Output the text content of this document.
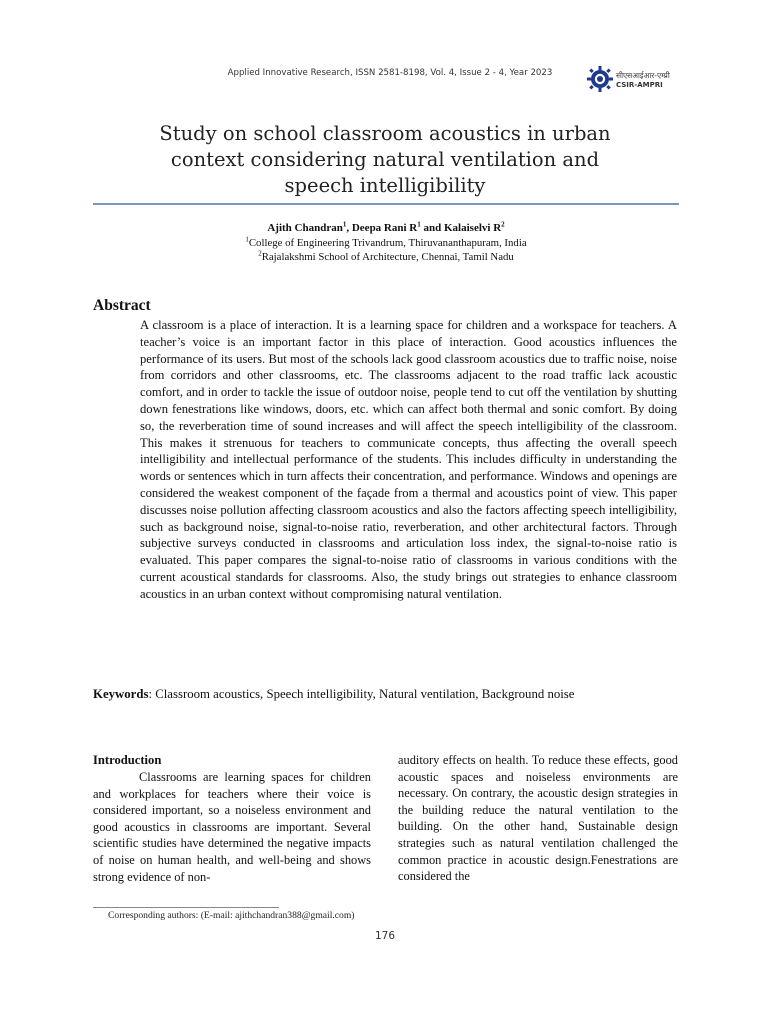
Applied Innovative Research, ISSN 2581-8198, Vol. 4, Issue 2 - 4, Year 2023	सीएसआईआर-एम्प्री
CSIR-AMPRI
Study on school classroom acoustics in urban context considering natural ventilation and speech intelligibility
Ajith Chandran$^1$, Deepa Rani $R^1$ and Kalaiselvi $R^2$
$^1$College of Engineering Trivandrum, Thiruvananthapuram, India
$^2$Rajalakshmi School of Architecture, Chennai, Tamil Nadu
Abstract

A classroom is a place of interaction. It is a learning space for children and a workspace for teachers. A teacher’s voice is an important factor in this place of interaction. Good acoustics influences the performance of its users. But most of the schools lack good classroom acoustics due to traffic noise, noise from corridors and other classrooms, etc. The classrooms adjacent to the road traffic lack acoustic comfort, and in order to tackle the issue of outdoor noise, people tend to cut off the ventilation by shutting down fenestrations like windows, doors, etc. which can affect both thermal and sonic comfort. By doing so, the reverberation time of sound increases and will affect the speech intelligibility of the classroom. This makes it strenuous for teachers to communicate concepts, thus affecting the overall speech intelligibility and intellectual performance of the students. This includes difficulty in understanding the words or sentences which in turn affects their concentration, and performance. Windows and openings are considered the weakest component of the façade from a thermal and acoustics point of view. This paper discusses noise pollution affecting classroom acoustics and also the factors affecting speech intelligibility, such as background noise, signal-to-noise ratio, reverberation, and other architectural factors. Through subjective surveys conducted in classrooms and articulation loss index, the signal-to-noise ratio is evaluated. This paper compares the signal-to-noise ratio of classrooms in various conditions with the current acoustical standards for classrooms. Also, the study brings out strategies to enhance classroom acoustics in an urban context without compromising natural ventilation.

Keywords: Classroom acoustics, Speech intelligibility, Natural ventilation, Background noise
Introduction

Classrooms are learning spaces for children and workplaces for teachers where their voice is considered important, so a noiseless environment and good acoustics in classrooms are important. Several scientific studies have determined the negative impacts of noise on human health, and well-being and shows strong evidence of non-

auditory effects on health. To reduce these effects, good acoustic spaces and noiseless environments are necessary. On contrary, the acoustic design strategies in the building reduce the natural ventilation to the building. On the other hand, Sustainable design strategies such as natural ventilation challenged the common practice in acoustic design.Fenestrations are considered the

Corresponding authors: (E-mail: ajithchandran388@gmail.com)
176
